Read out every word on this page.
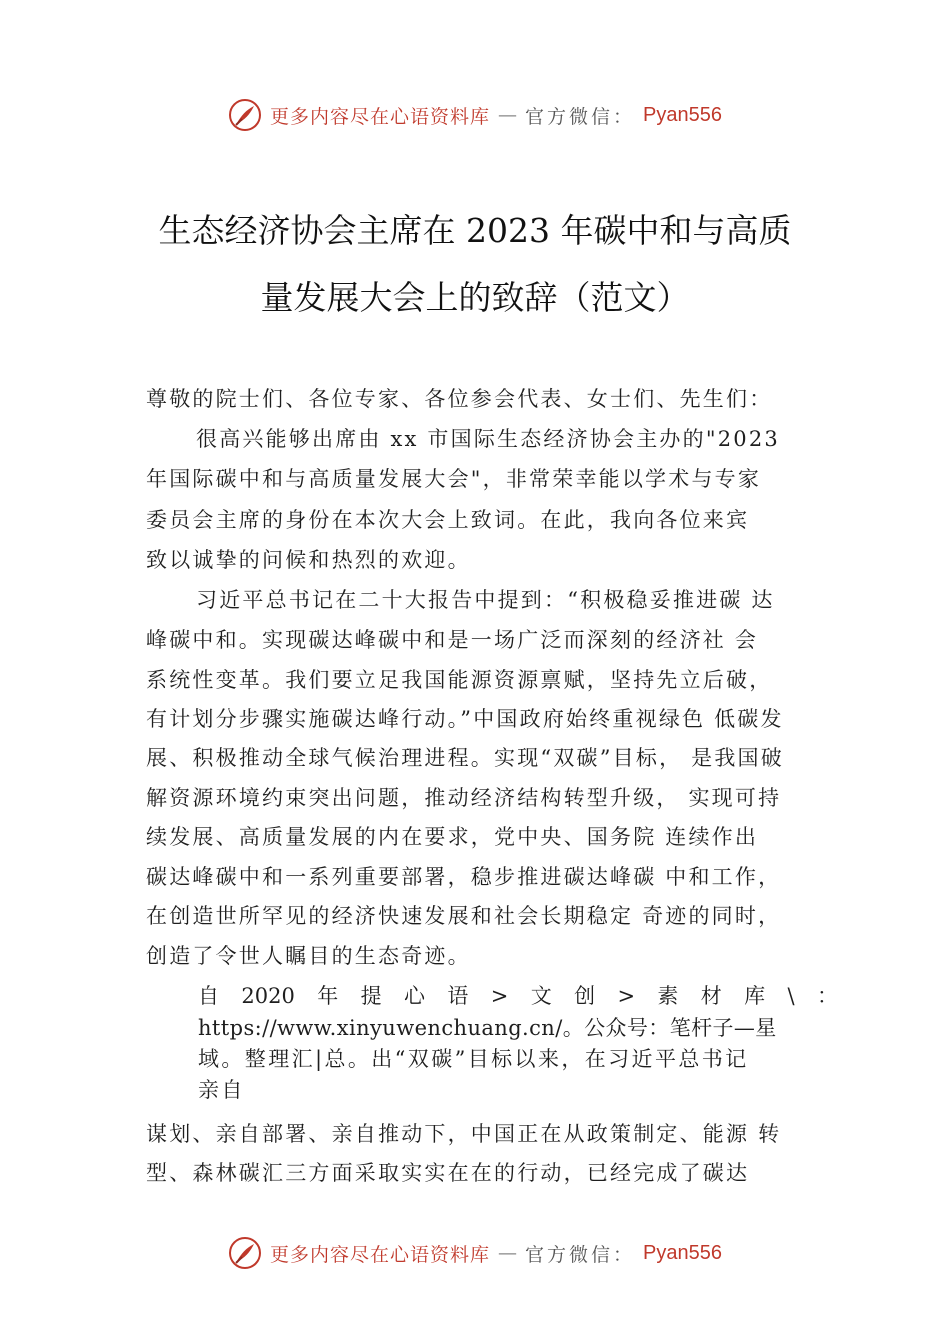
更多内容尽在心语资料库 — 官方微信： Pyan556
生态经济协会主席在 2023 年碳中和与高质
量发展大会上的致辞（范文）
尊敬的院士们、各位专家、各位参会代表、女士们、先生们：
很高兴能够出席由 xx 市国际生态经济协会主办的"2023
年国际碳中和与高质量发展大会"，非常荣幸能以学术与专家
委员会主席的身份在本次大会上致词。在此，我向各位来宾
致以诚挚的问候和热烈的欢迎。
习近平总书记在二十大报告中提到：“积极稳妥推进碳 达
峰碳中和。实现碳达峰碳中和是一场广泛而深刻的经济社 会
系统性变革。我们要立足我国能源资源禀赋，坚持先立后破，
有计划分步骤实施碳达峰行动。”中国政府始终重视绿色 低碳发
展、积极推动全球气候治理进程。实现“双碳”目标， 是我国破
解资源环境约束突出问题，推动经济结构转型升级， 实现可持
续发展、高质量发展的内在要求，党中央、国务院 连续作出
碳达峰碳中和一系列重要部署，稳步推进碳达峰碳 中和工作，
在创造世所罕见的经济快速发展和社会长期稳定 奇迹的同时，
创造了令世人瞩目的生态奇迹。
自 2020 年 提 心 语 > 文 创 > 素 材 库 \ ：
https://www.xinyuwenchuang.cn/。公众号：笔杆子—星
域。整理汇|总。出“双碳”目标以来，在习近平总书记
亲自
谋划、亲自部署、亲自推动下，中国正在从政策制定、能源 转
型、森林碳汇三方面采取实实在在的行动，已经完成了碳达
更多内容尽在心语资料库 — 官方微信： Pyan556
